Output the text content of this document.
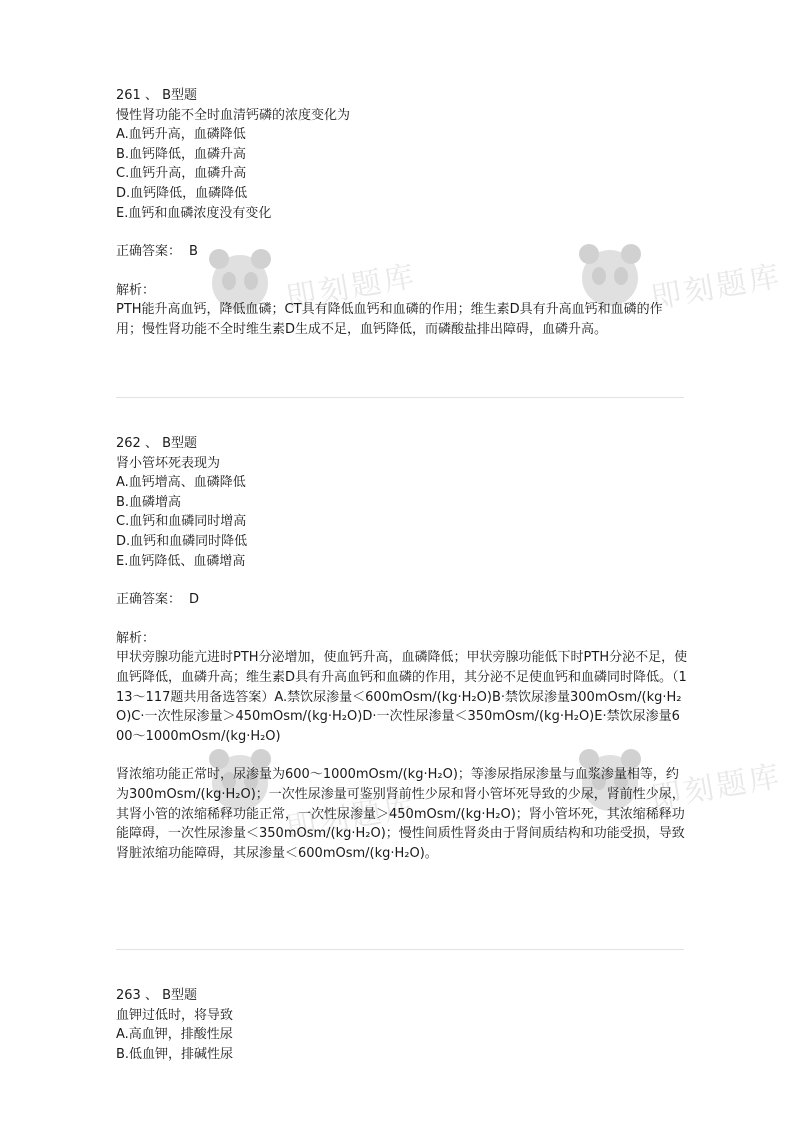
即刻题库	即刻题库
即刻题库
即刻题库
261 、 B型题
慢性肾功能不全时血清钙磷的浓度变化为
A.血钙升高，血磷降低
B.血钙降低，血磷升高
C.血钙升高，血磷升高
D.血钙降低，血磷降低
E.血钙和血磷浓度没有变化
正确答案： B
解析：

PTH能升高血钙，降低血磷；CT具有降低血钙和血磷的作用；维生素D具有升高血钙和血磷的作用；慢性肾功能不全时维生素D生成不足，血钙降低，而磷酸盐排出障碍，血磷升高。

262 、 B型题
肾小管坏死表现为
A.血钙增高、血磷降低
B.血磷增高
C.血钙和血磷同时增高
D.血钙和血磷同时降低
E.血钙降低、血磷增高
正确答案： D
解析：

甲状旁腺功能亢进时PTH分泌增加，使血钙升高，血磷降低；甲状旁腺功能低下时PTH分泌不足，使血钙降低，血磷升高；维生素D具有升高血钙和血磷的作用，其分泌不足使血钙和血磷同时降低。（113～117题共用备选答案）A.禁饮尿渗量＜600mOsm/(kg·H₂O)B·禁饮尿渗量300mOsm/(kg·H₂O)C·一次性尿渗量＞450mOsm/(kg·H₂O)D·一次性尿渗量＜350mOsm/(kg·H₂O)E·禁饮尿渗量600～1000mOsm/(kg·H₂O)

肾浓缩功能正常时，尿渗量为600～1000mOsm/(kg·H₂O)；等渗尿指尿渗量与血浆渗量相等，约为300mOsm/(kg·H₂O)；一次性尿渗量可鉴别肾前性少尿和肾小管坏死导致的少尿，肾前性少尿，其肾小管的浓缩稀释功能正常，一次性尿渗量＞450mOsm/(kg·H₂O)；肾小管坏死，其浓缩稀释功能障碍，一次性尿渗量＜350mOsm/(kg·H₂O)；慢性间质性肾炎由于肾间质结构和功能受损，导致肾脏浓缩功能障碍，其尿渗量＜600mOsm/(kg·H₂O)。

263 、 B型题
血钾过低时，将导致
A.高血钾，排酸性尿
B.低血钾，排碱性尿
